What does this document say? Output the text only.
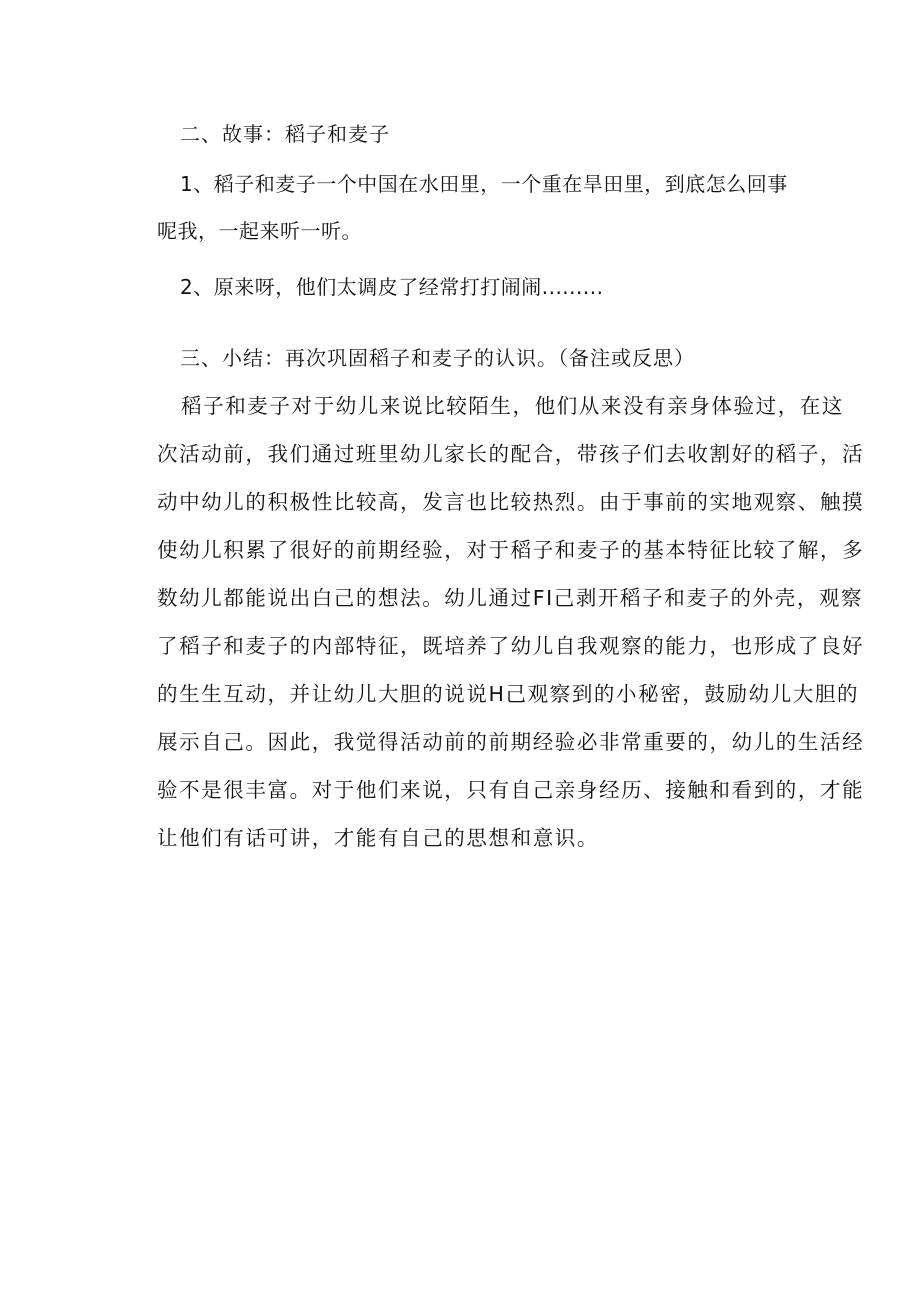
二、故事：稻子和麦子
1、稻子和麦子一个中国在水田里，一个重在旱田里，到底怎么回事
呢我，一起来听一听。
2、原来呀，他们太调皮了经常打打闹闹.........
三、小结：再次巩固稻子和麦子的认识。（备注或反思）
稻子和麦子对于幼儿来说比较陌生，他们从来没有亲身体验过，在这
次活动前，我们通过班里幼儿家长的配合，带孩子们去收割好的稻子，活
动中幼儿的积极性比较高，发言也比较热烈。由于事前的实地观察、触摸
使幼儿积累了很好的前期经验，对于稻子和麦子的基本特征比较了解，多
数幼儿都能说出白己的想法。幼儿通过FI己剥开稻子和麦子的外壳，观察
了稻子和麦子的内部特征，既培养了幼儿自我观察的能力，也形成了良好
的生生互动，并让幼儿大胆的说说H己观察到的小秘密，鼓励幼儿大胆的
展示自己。因此，我觉得活动前的前期经验必非常重要的，幼儿的生活经
验不是很丰富。对于他们来说，只有自己亲身经历、接触和看到的，才能
让他们有话可讲，才能有自己的思想和意识。
